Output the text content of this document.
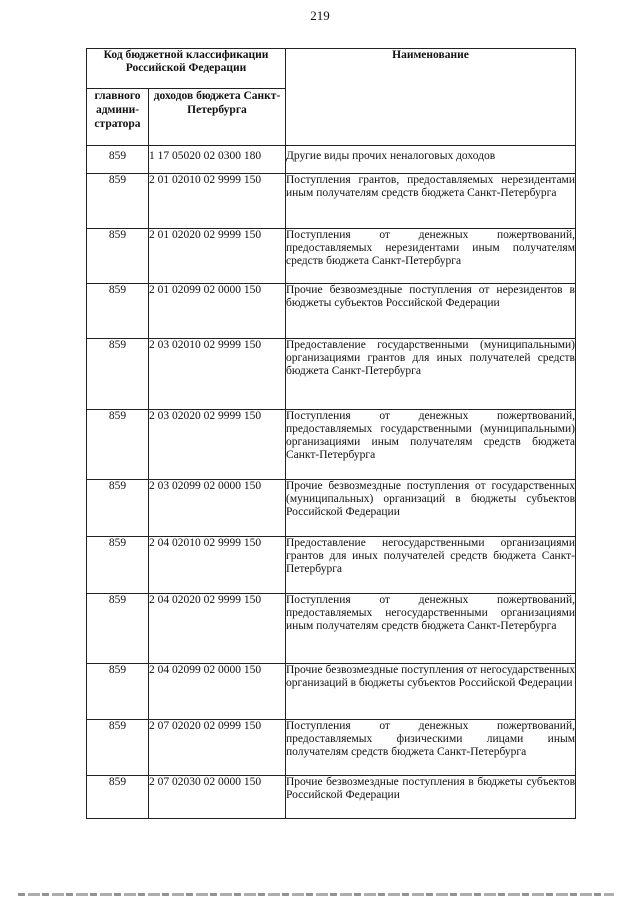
219
Код бюджетной классификации Российской Федерации		Наименование
главного админи-стратора	доходов бюджета Санкт-Петербурга	
859	1 17 05020 02 0300 180	Другие виды прочих неналоговых доходов
859	2 01 02010 02 9999 150	Поступления грантов, предоставляемых нерезидентами иным получателям средств бюджета Санкт-Петербурга
859	2 01 02020 02 9999 150	Поступления от денежных пожертвований, предоставляемых нерезидентами иным получателям средств бюджета Санкт-Петербурга
859	2 01 02099 02 0000 150	Прочие безвозмездные поступления от нерезидентов в бюджеты субъектов Российской Федерации
859	2 03 02010 02 9999 150	Предоставление государственными (муниципальными) организациями грантов для иных получателей средств бюджета Санкт-Петербурга
859	2 03 02020 02 9999 150	Поступления от денежных пожертвований, предоставляемых государственными (муниципальными) организациями иным получателям средств бюджета Санкт-Петербурга
859	2 03 02099 02 0000 150	Прочие безвозмездные поступления от государственных (муниципальных) организаций в бюджеты субъектов Российской Федерации
859	2 04 02010 02 9999 150	Предоставление негосударственными организациями грантов для иных получателей средств бюджета Санкт-Петербурга
859	2 04 02020 02 9999 150	Поступления от денежных пожертвований, предоставляемых негосударственными организациями иным получателям средств бюджета Санкт-Петербурга
859	2 04 02099 02 0000 150	Прочие безвозмездные поступления от негосударственных организаций в бюджеты субъектов Российской Федерации
859	2 07 02020 02 0999 150	Поступления от денежных пожертвований, предоставляемых физическими лицами иным получателям средств бюджета Санкт-Петербурга
859	2 07 02030 02 0000 150	Прочие безвозмездные поступления в бюджеты субъектов Российской Федерации
